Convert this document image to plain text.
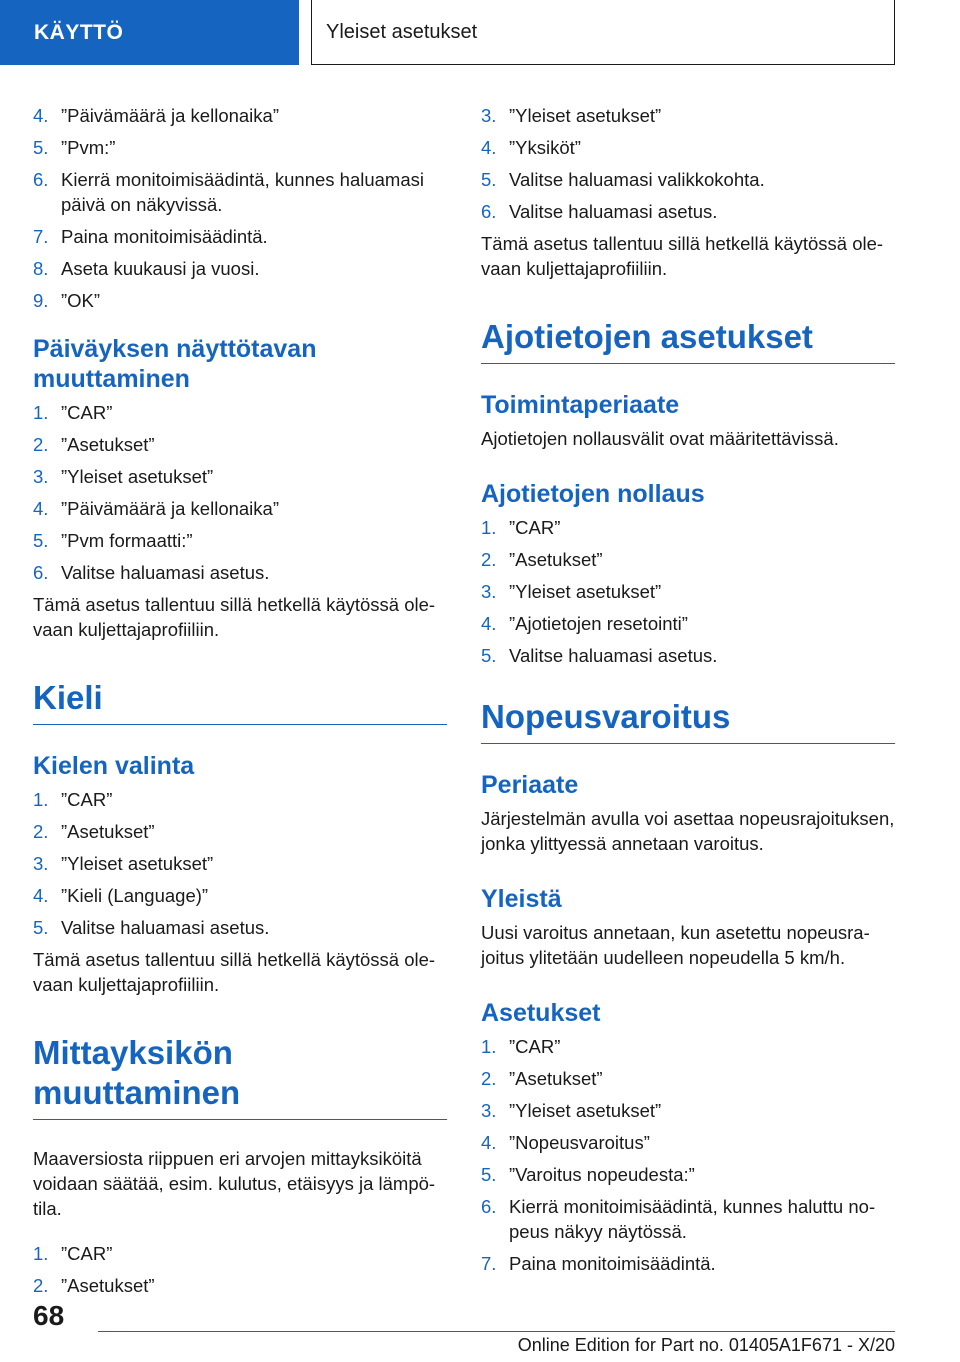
KÄYTTÖ	Yleiset asetukset
4. ”Päivämäärä ja kellonaika”
5. ”Pvm:”
6. Kierrä monitoimisäädintä, kunnes haluamasi päivä on näkyvissä.
7. Paina monitoimisäädintä.
8. Aseta kuukausi ja vuosi.
9. ”OK”
Päiväyksen näyttötavan muuttaminen
1. ”CAR”
2. ”Asetukset”
3. ”Yleiset asetukset”
4. ”Päivämäärä ja kellonaika”
5. ”Pvm formaatti:”
6. Valitse haluamasi asetus.

Tämä asetus tallentuu sillä hetkellä käytössä olevaan kuljettajaprofiiliin.

Kieli
Kielen valinta
1. ”CAR”
2. ”Asetukset”
3. ”Yleiset asetukset”
4. ”Kieli (Language)”
5. Valitse haluamasi asetus.

Tämä asetus tallentuu sillä hetkellä käytössä olevaan kuljettajaprofiiliin.

Mittayksikön muuttaminen

Maaversiosta riippuen eri arvojen mittayksiköitä voidaan säätää, esim. kulutus, etäisyys ja lämpötila.

1. ”CAR”
2. ”Asetukset”
3. ”Yleiset asetukset”
4. ”Yksiköt”
5. Valitse haluamasi valikkokohta.
6. Valitse haluamasi asetus.

Tämä asetus tallentuu sillä hetkellä käytössä olevaan kuljettajaprofiiliin.

Ajotietojen asetukset
Toimintaperiaate

Ajotietojen nollausvälit ovat määritettävissä.

Ajotietojen nollaus
1. ”CAR”
2. ”Asetukset”
3. ”Yleiset asetukset”
4. ”Ajotietojen resetointi”
5. Valitse haluamasi asetus.
Nopeusvaroitus
Periaate

Järjestelmän avulla voi asettaa nopeusrajoituksen, jonka ylittyessä annetaan varoitus.

Yleistä

Uusi varoitus annetaan, kun asetettu nopeusrajoitus ylitetään uudelleen nopeudella 5 km/h.

Asetukset
1. ”CAR”
2. ”Asetukset”
3. ”Yleiset asetukset”
4. ”Nopeusvaroitus”
5. ”Varoitus nopeudesta:”
6. Kierrä monitoimisäädintä, kunnes haluttu nopeus näkyy näytössä.
7. Paina monitoimisäädintä.
68
Online Edition for Part no. 01405A1F671 - X/20
